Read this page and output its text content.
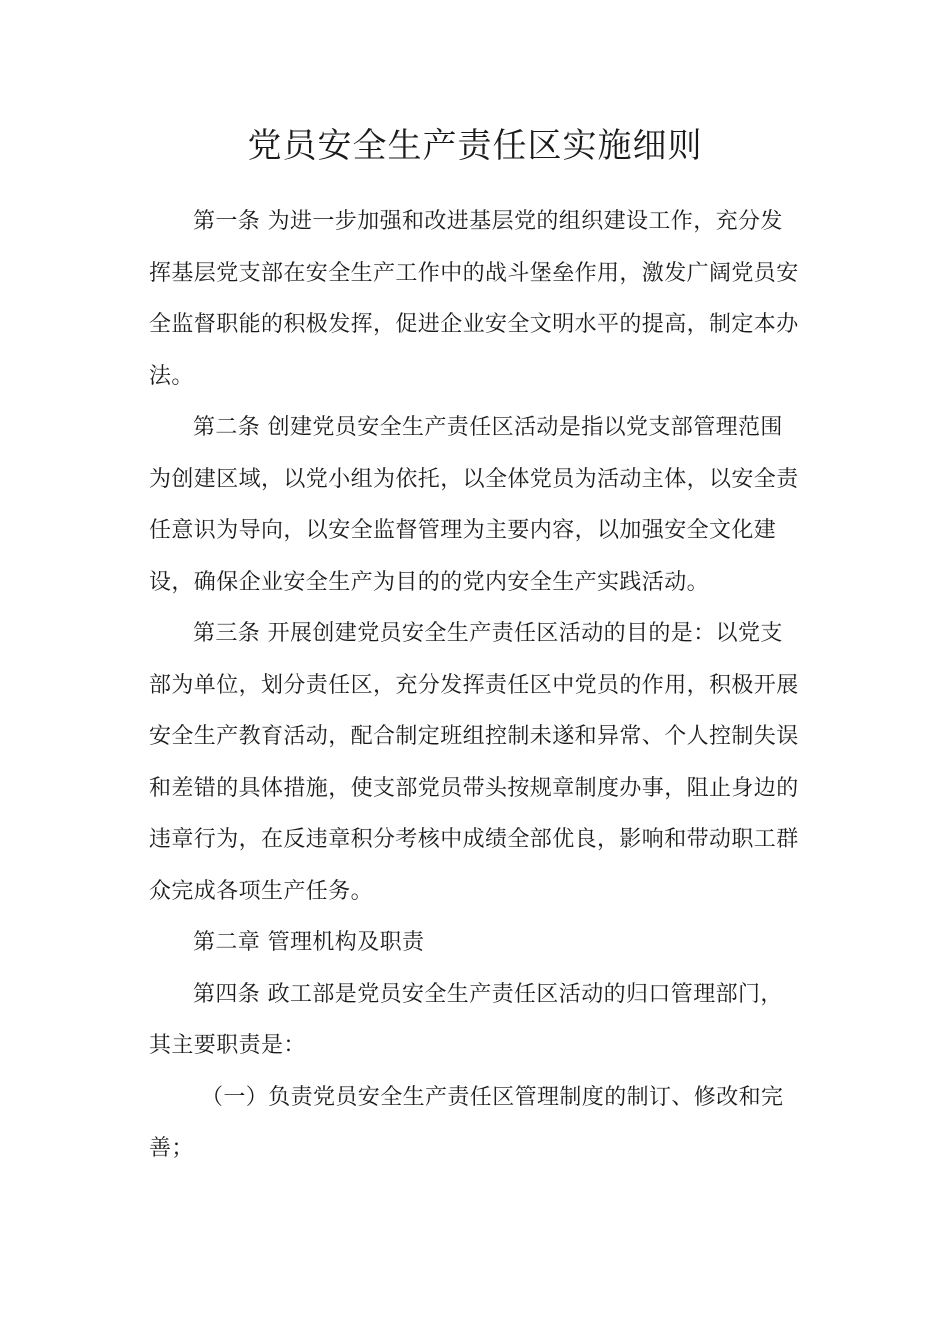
党员安全生产责任区实施细则

第一条 为进一步加强和改进基层党的组织建设工作，充分发挥基层党支部在安全生产工作中的战斗堡垒作用，激发广阔党员安全监督职能的积极发挥，促进企业安全文明水平的提高，制定本办法。

第二条 创建党员安全生产责任区活动是指以党支部管理范围为创建区域，以党小组为依托，以全体党员为活动主体，以安全责任意识为导向，以安全监督管理为主要内容，以加强安全文化建设，确保企业安全生产为目的的党内安全生产实践活动。

第三条 开展创建党员安全生产责任区活动的目的是：以党支部为单位，划分责任区，充分发挥责任区中党员的作用，积极开展安全生产教育活动，配合制定班组控制未遂和异常、个人控制失误和差错的具体措施，使支部党员带头按规章制度办事，阻止身边的违章行为，在反违章积分考核中成绩全部优良，影响和带动职工群众完成各项生产任务。

第二章 管理机构及职责

第四条 政工部是党员安全生产责任区活动的归口管理部门，其主要职责是：

（一）负责党员安全生产责任区管理制度的制订、修改和完善；
